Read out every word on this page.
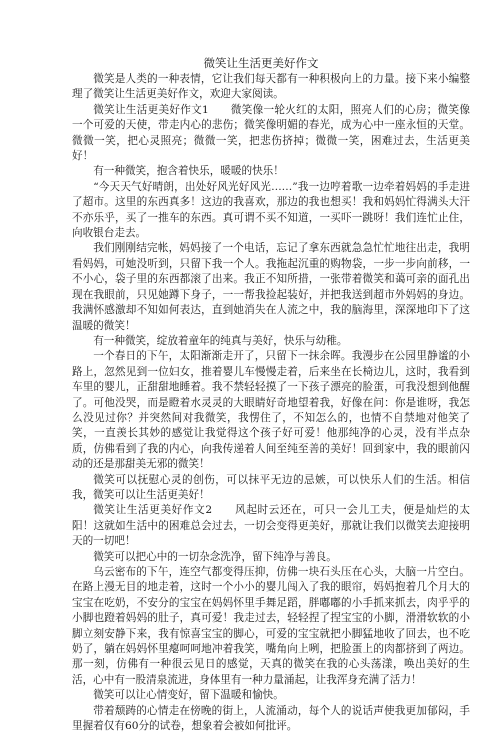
微笑让生活更美好作文

微笑是人类的一种表情，它让我们每天都有一种积极向上的力量。接下来小编整理了微笑让生活更美好作文，欢迎大家阅读。

微笑让生活更美好作文1　　微笑像一轮火红的太阳，照亮人们的心房；微笑像一个可爱的天使，带走内心的悲伤；微笑像明媚的春光，成为心中一座永恒的天堂。微微一笑，把心灵照亮；微微一笑，把悲伤挤掉；微微一笑，困难过去，生活更美好！

有一种微笑，抱含着快乐，暖暖的快乐！

“今天天气好晴朗，出处好风光好风光……”我一边哼着歌一边牵着妈妈的手走进了超市。这里的东西真多！这边的我喜欢，那边的我也想买！我和妈妈忙得满头大汗不亦乐乎，买了一推车的东西。真可谓不买不知道，一买吓一跳呀！我们连忙止住，向收银台走去。

我们刚刚结完帐，妈妈接了一个电话，忘记了拿东西就急急忙忙地往出走，我明看妈妈，可她没听到，只留下我一个人。我拖起沉重的购物袋，一步一步向前移，一不小心，袋子里的东西都滚了出来。我正不知所措，一张带着微笑和蔼可亲的面孔出现在我眼前，只见她蹲下身子，一一帮我捡起装好，并把我送到超市外妈妈的身边。我满怀感激却不知如何表达，直到她消失在人流之中，我的脑海里，深深地印下了这温暖的微笑！

有一种微笑，绽放着童年的纯真与美好，快乐与幼稚。

一个春日的下午，太阳渐渐走开了，只留下一抹余晖。我漫步在公园里静谧的小路上，忽然见到一位妇女，推着婴儿车慢慢走着，后来坐在长椅边儿，这时，我看到车里的婴儿，正甜甜地睡着。我不禁轻轻摸了一下孩子漂亮的脸蛋，可我没想到他醒了。可他没哭，而是瞪着水灵灵的大眼睛好奇地望着我，好像在问：你是谁呀，我怎么没见过你？并突然间对我微笑，我愣住了，不知怎么的，也情不自禁地对他笑了笑，一直羡长其妙的感觉让我觉得这个孩子好可爱！他那纯净的心灵，没有半点杂质，仿佛看到了我的内心，向我传递着人间至纯至善的美好！回到家中，我的眼前闪动的还是那甜美无邪的微笑！

微笑可以抚慰心灵的创伤，可以抹平无边的忌嫉，可以快乐人们的生活。相信我，微笑可以让生活更美好！

微笑让生活更美好作文2　　风起时云还在，可只一会儿工夫，便是灿烂的太阳！这就如生活中的困难总会过去，一切会变得更美好，那就让我们以微笑去迎接明天的一切吧！

微笑可以把心中的一切杂念洗净，留下纯净与善良。

乌云密布的下午，连空气都变得压抑，仿佛一块石头压在心头，大脑一片空白。在路上漫无目的地走着，这时一个小小的婴儿闯入了我的眼帘，妈妈抱着几个月大的宝宝在吃奶，不安分的宝宝在妈妈怀里手舞足蹈，胖嘟嘟的小手抓来抓去，肉乎乎的小脚也蹬着妈妈的肚子，真可爱！我走过去，轻轻捏了捏宝宝的小脚，滑滑软软的小脚立刻安静下来，我有惊喜宝宝的脚心，可爱的宝宝就把小脚猛地收了回去，也不吃奶了，躺在妈妈怀里瘪呵呵地冲着我笑，嘴角向上咧，把脸蛋上的肉都挤到了两边。那一刻，仿佛有一种很云见日的感觉，天真的微笑在我的心头荡漾，唤出美好的生活，心中有一股清泉流进，身体里有一种力量涌起，让我浑身充满了活力！

微笑可以让心情变好，留下温暖和愉快。

带着颓踌的心情走在傍晚的街上，人流涌动，每个人的说话声使我更加郁闷，手里握着仅有60分的试卷，想象着会被如何批评。
